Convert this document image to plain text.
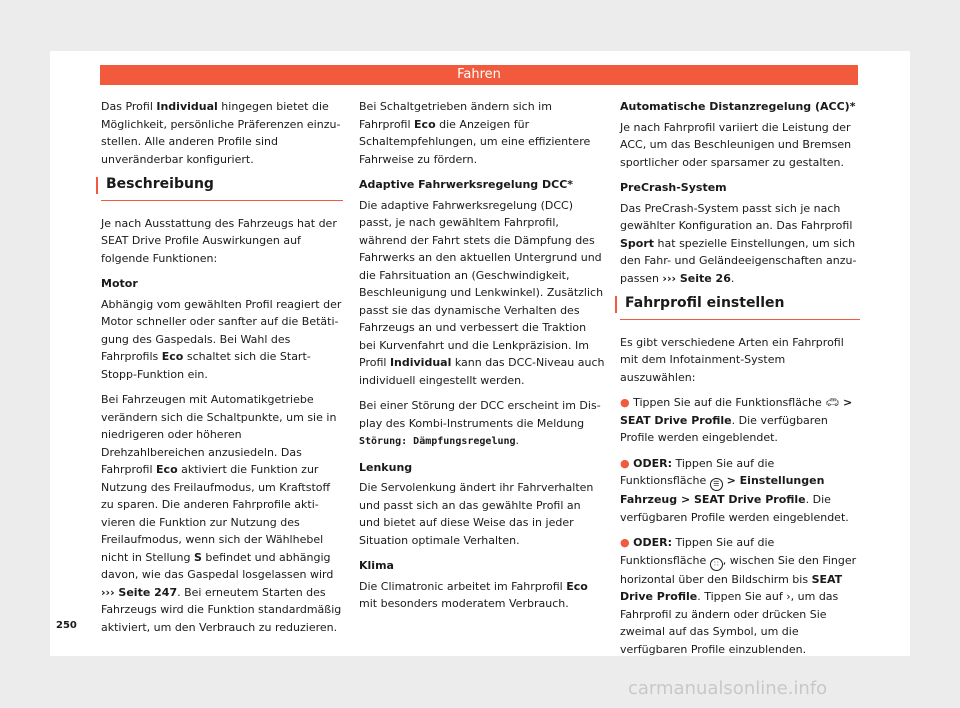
Fahren

Das Profil Individual hingegen bietet die Möglichkeit, persönliche Präferenzen einzustellen. Alle anderen Profile sind unveränderbar konfiguriert.

Beschreibung

Je nach Ausstattung des Fahrzeugs hat der SEAT Drive Profile Auswirkungen auf folgende Funktionen:

Motor

Abhängig vom gewählten Profil reagiert der Motor schneller oder sanfter auf die Betätigung des Gaspedals. Bei Wahl des Fahrprofils Eco schaltet sich die Start-Stopp-Funktion ein.

Bei Fahrzeugen mit Automatikgetriebe verändern sich die Schaltpunkte, um sie in niedrigeren oder höheren Drehzahlbereichen anzusiedeln. Das Fahrprofil Eco aktiviert die Funktion zur Nutzung des Freilaufmodus, um Kraftstoff zu sparen. Die anderen Fahrprofile aktivieren die Funktion zur Nutzung des Freilaufmodus, wenn sich der Wählhebel nicht in Stellung S befindet und abhängig davon, wie das Gaspedal losgelassen wird ››› Seite 247. Bei erneutem Starten des Fahrzeugs wird die Funktion standardmäßig aktiviert, um den Verbrauch zu reduzieren.

Bei Schaltgetrieben ändern sich im Fahrprofil Eco die Anzeigen für Schaltempfehlungen, um eine effizientere Fahrweise zu fördern.

Adaptive Fahrwerksregelung DCC*

Die adaptive Fahrwerksregelung (DCC) passt, je nach gewähltem Fahrprofil, während der Fahrt stets die Dämpfung des Fahrwerks an den aktuellen Untergrund und die Fahrsituation an (Geschwindigkeit, Beschleunigung und Lenkwinkel). Zusätzlich passt sie das dynamische Verhalten des Fahrzeugs an und verbessert die Traktion bei Kurvenfahrt und die Lenkpräzision. Im Profil Individual kann das DCC-Niveau auch individuell eingestellt werden.

Bei einer Störung der DCC erscheint im Display des Kombi-Instruments die Meldung Störung: Dämpfungsregelung.

Lenkung

Die Servolenkung ändert ihr Fahrverhalten und passt sich an das gewählte Profil an und bietet auf diese Weise das in jeder Situation optimale Verhalten.

Klima

Die Climatronic arbeitet im Fahrprofil Eco mit besonders moderatem Verbrauch.

Automatische Distanzregelung (ACC)*

Je nach Fahrprofil variiert die Leistung der ACC, um das Beschleunigen und Bremsen sportlicher oder sparsamer zu gestalten.

PreCrash-System

Das PreCrash-System passt sich je nach gewählter Konfiguration an. Das Fahrprofil Sport hat spezielle Einstellungen, um sich den Fahr- und Geländeeigenschaften anzupassen ››› Seite 26.

Fahrprofil einstellen

Es gibt verschiedene Arten ein Fahrprofil mit dem Infotainment-System auszuwählen:

● Tippen Sie auf die Funktionsfläche 🚗︎ > SEAT Drive Profile. Die verfügbaren Profile werden eingeblendet.

● ODER: Tippen Sie auf die Funktionsfläche ☰ > Einstellungen Fahrzeug > SEAT Drive Profile. Die verfügbaren Profile werden eingeblendet.

● ODER: Tippen Sie auf die Funktionsfläche ∷ , wischen Sie den Finger horizontal über den Bildschirm bis SEAT Drive Profile. Tippen Sie auf ›, um das Fahrprofil zu ändern oder drücken Sie zweimal auf das Symbol, um die verfügbaren Profile einzublenden.

250
carmanualsonline.info
